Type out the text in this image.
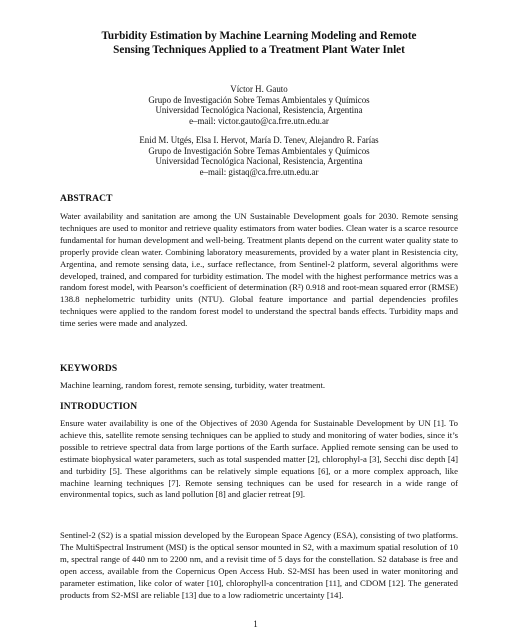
Turbidity Estimation by Machine Learning Modeling and Remote
Sensing Techniques Applied to a Treatment Plant Water Inlet
Víctor H. Gauto
Grupo de Investigación Sobre Temas Ambientales y Químicos
Universidad Tecnológica Nacional, Resistencia, Argentina
e–mail: victor.gauto@ca.frre.utn.edu.ar
Enid M. Utgés, Elsa I. Hervot, María D. Tenev, Alejandro R. Farías
Grupo de Investigación Sobre Temas Ambientales y Químicos
Universidad Tecnológica Nacional, Resistencia, Argentina
e–mail: gistaq@ca.frre.utn.edu.ar
ABSTRACT

Water availability and sanitation are among the UN Sustainable Development goals for 2030. Remote sensing techniques are used to monitor and retrieve quality estimators from water bodies. Clean water is a scarce resource fundamental for human development and well-being. Treatment plants depend on the current water quality state to properly provide clean water. Combining laboratory measurements, provided by a water plant in Resistencia city, Argentina, and remote sensing data, i.e., surface reflectance, from Sentinel-2 platform, several algorithms were developed, trained, and compared for turbidity estimation. The model with the highest performance metrics was a random forest model, with Pearson’s coefficient of determination (R²) 0.918 and root-mean squared error (RMSE) 138.8 nephelometric turbidity units (NTU). Global feature importance and partial dependencies profiles techniques were applied to the random forest model to understand the spectral bands effects. Turbidity maps and time series were made and analyzed.

KEYWORDS

Machine learning, random forest, remote sensing, turbidity, water treatment.

INTRODUCTION

Ensure water availability is one of the Objectives of 2030 Agenda for Sustainable Development by UN [1]. To achieve this, satellite remote sensing techniques can be applied to study and monitoring of water bodies, since it’s possible to retrieve spectral data from large portions of the Earth surface. Applied remote sensing can be used to estimate biophysical water parameters, such as total suspended matter [2], chlorophyl-a [3], Secchi disc depth [4] and turbidity [5]. These algorithms can be relatively simple equations [6], or a more complex approach, like machine learning techniques [7]. Remote sensing techniques can be used for research in a wide range of environmental topics, such as land pollution [8] and glacier retreat [9].

Sentinel-2 (S2) is a spatial mission developed by the European Space Agency (ESA), consisting of two platforms. The MultiSpectral Instrument (MSI) is the optical sensor mounted in S2, with a maximum spatial resolution of 10 m, spectral range of 440 nm to 2200 nm, and a revisit time of 5 days for the constellation. S2 database is free and open access, available from the Copernicus Open Access Hub. S2-MSI has been used in water monitoring and parameter estimation, like color of water [10], chlorophyll-a concentration [11], and CDOM [12]. The generated products from S2-MSI are reliable [13] due to a low radiometric uncertainty [14].

1
